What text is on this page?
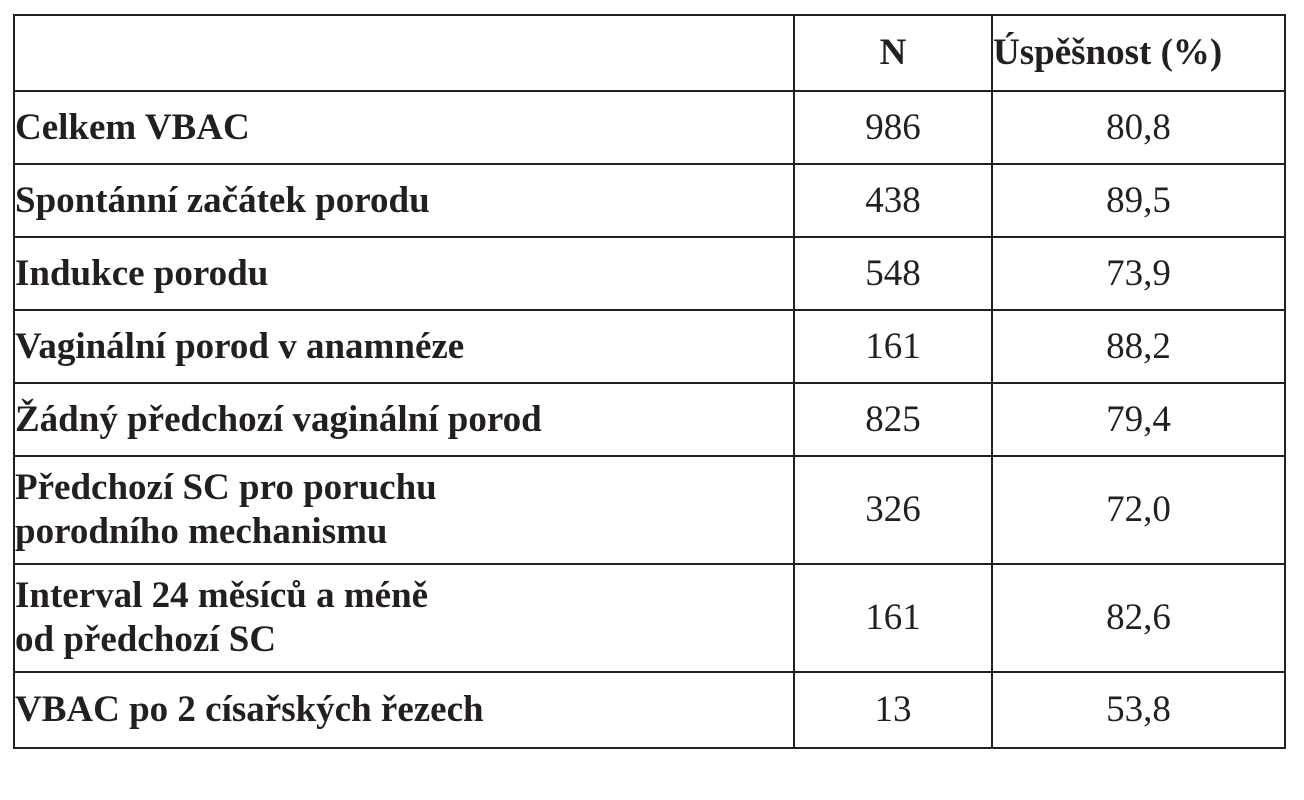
	N	Úspěšnost (%)

Celkem VBAC	986	80,8

Spontánní začátek porodu	438	89,5

Indukce porodu	548	73,9

Vaginální porod v anamnéze	161	88,2

Žádný předchozí vaginální porod	825	79,4

Předchozí SC pro poruchu
porodního mechanismu	326	72,0

Interval 24 měsíců a méně
od předchozí SC	161	82,6

VBAC po 2 císařských řezech	13	53,8
